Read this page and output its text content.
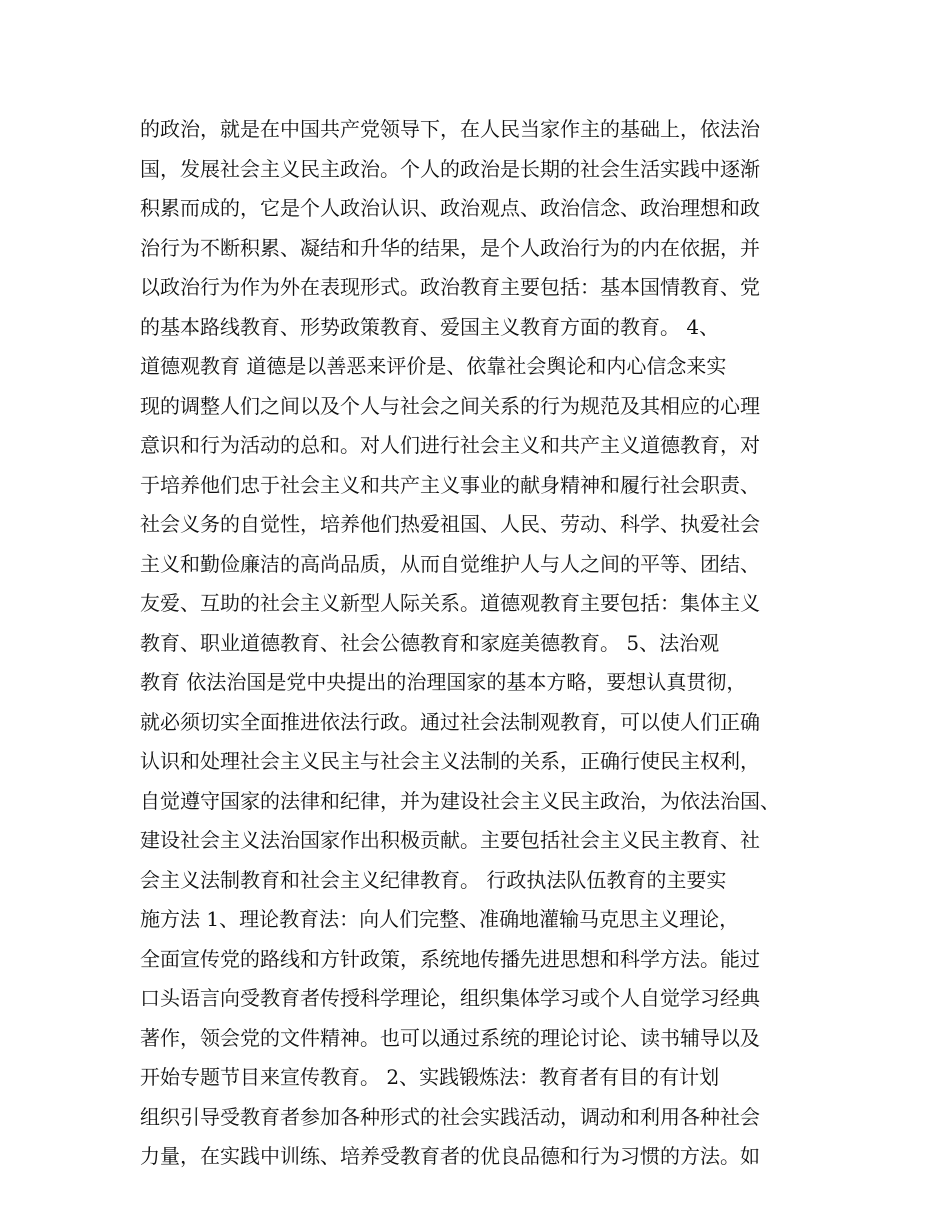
的政治，就是在中国共产党领导下，在人民当家作主的基础上，依法治
国，发展社会主义民主政治。个人的政治是长期的社会生活实践中逐渐
积累而成的，它是个人政治认识、政治观点、政治信念、政治理想和政
治行为不断积累、凝结和升华的结果，是个人政治行为的内在依据，并
以政治行为作为外在表现形式。政治教育主要包括：基本国情教育、党
的基本路线教育、形势政策教育、爱国主义教育方面的教育。 4、
道德观教育 道德是以善恶来评价是、依靠社会舆论和内心信念来实
现的调整人们之间以及个人与社会之间关系的行为规范及其相应的心理
意识和行为活动的总和。对人们进行社会主义和共产主义道德教育，对
于培养他们忠于社会主义和共产主义事业的献身精神和履行社会职责、
社会义务的自觉性，培养他们热爱祖国、人民、劳动、科学、执爱社会
主义和勤俭廉洁的高尚品质，从而自觉维护人与人之间的平等、团结、
友爱、互助的社会主义新型人际关系。道德观教育主要包括：集体主义
教育、职业道德教育、社会公德教育和家庭美德教育。 5、法治观
教育 依法治国是党中央提出的治理国家的基本方略，要想认真贯彻，
就必须切实全面推进依法行政。通过社会法制观教育，可以使人们正确
认识和处理社会主义民主与社会主义法制的关系，正确行使民主权利，
自觉遵守国家的法律和纪律，并为建设社会主义民主政治，为依法治国、
建设社会主义法治国家作出积极贡献。主要包括社会主义民主教育、社
会主义法制教育和社会主义纪律教育。 行政执法队伍教育的主要实
施方法 1、理论教育法：向人们完整、准确地灌输马克思主义理论，
全面宣传党的路线和方针政策，系统地传播先进思想和科学方法。能过
口头语言向受教育者传授科学理论，组织集体学习或个人自觉学习经典
著作，领会党的文件精神。也可以通过系统的理论讨论、读书辅导以及
开始专题节目来宣传教育。 2、实践锻炼法：教育者有目的有计划
组织引导受教育者参加各种形式的社会实践活动，调动和利用各种社会
力量，在实践中训练、培养受教育者的优良品德和行为习惯的方法。如
